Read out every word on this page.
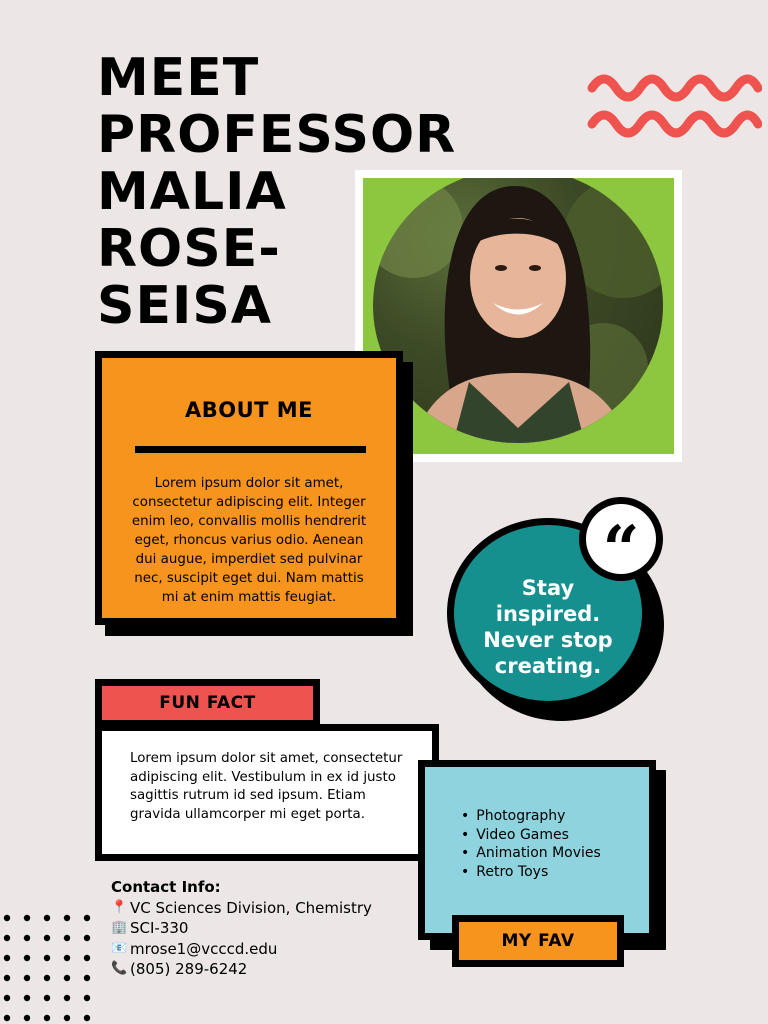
MEET
PROFESSOR
MALIA
ROSE-
SEISA
ABOUT ME

Lorem ipsum dolor sit amet, consectetur adipiscing elit. Integer enim leo, convallis mollis hendrerit eget, rhoncus varius odio. Aenean dui augue, imperdiet sed pulvinar nec, suscipit eget dui. Nam mattis mi at enim mattis feugiat.	Stay inspired. Never stop creating.

“

Lorem ipsum dolor sit amet, consectetur adipiscing elit. Vestibulum in ex id justo sagittis rutrum id sed ipsum. Etiam gravida ullamcorper mi eget porta.

FUN FACT
• Photography
• Video Games
• Animation Movies
• Retro Toys
MY FAV
Contact Info:
📍 VC Sciences Division, Chemistry
🏢 SCI-330
📧 mrose1@vcccd.edu
📞 (805) 289-6242
